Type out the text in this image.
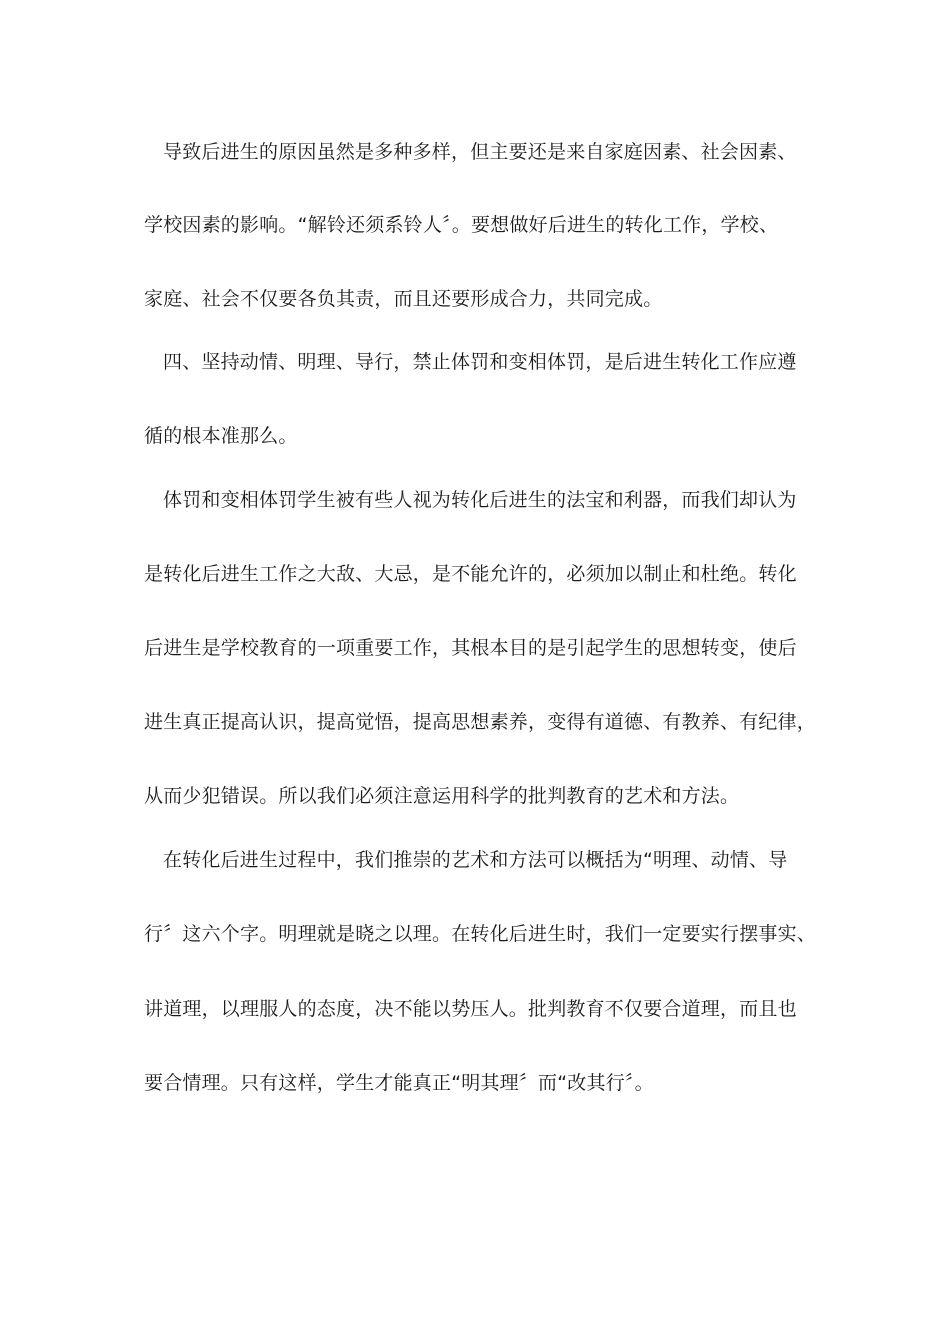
导致后进生的原因虽然是多种多样，但主要还是来自家庭因素、社会因素、
学校因素的影响。“解铃还须系铃人〞。要想做好后进生的转化工作，学校、
家庭、社会不仅要各负其责，而且还要形成合力，共同完成。
四、坚持动情、明理、导行，禁止体罚和变相体罚，是后进生转化工作应遵
循的根本准那么。
体罚和变相体罚学生被有些人视为转化后进生的法宝和利器，而我们却认为
是转化后进生工作之大敌、大忌，是不能允许的，必须加以制止和杜绝。转化
后进生是学校教育的一项重要工作，其根本目的是引起学生的思想转变，使后
进生真正提高认识，提高觉悟，提高思想素养，变得有道德、有教养、有纪律，
从而少犯错误。所以我们必须注意运用科学的批判教育的艺术和方法。
在转化后进生过程中，我们推崇的艺术和方法可以概括为“明理、动情、导
行〞这六个字。明理就是晓之以理。在转化后进生时，我们一定要实行摆事实、
讲道理，以理服人的态度，决不能以势压人。批判教育不仅要合道理，而且也
要合情理。只有这样，学生才能真正“明其理〞而“改其行〞。
